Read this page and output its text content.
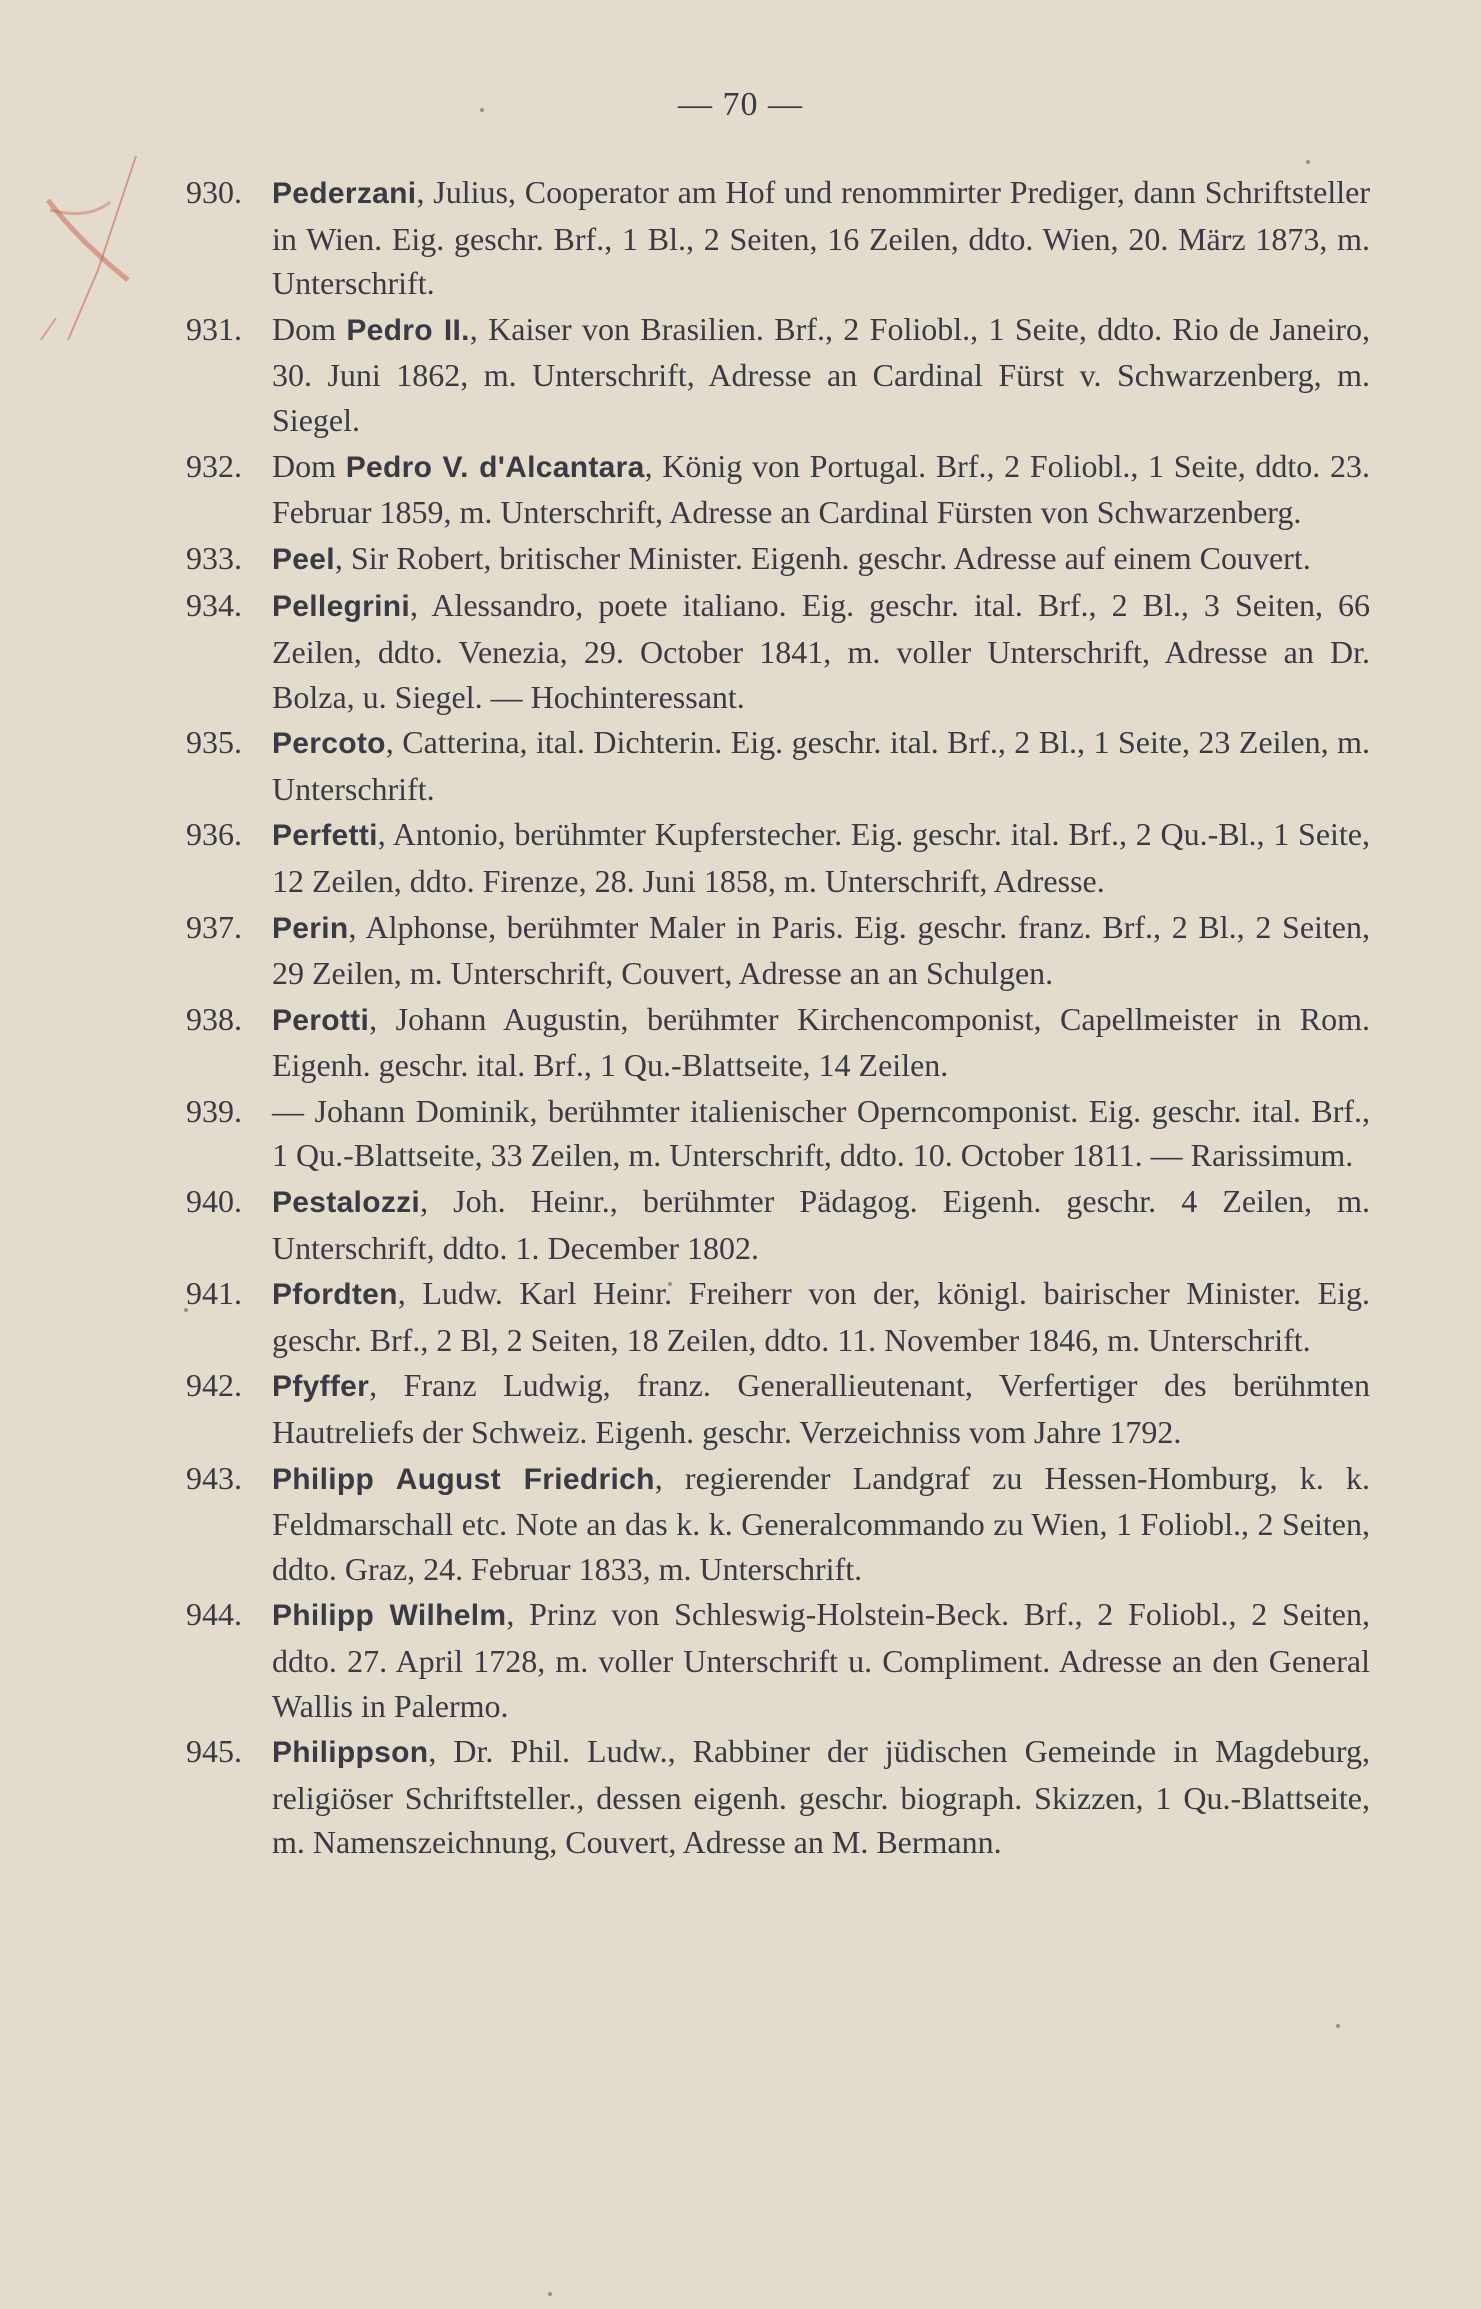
— 70 —
930.	Pederzani, Julius, Cooperator am Hof und renommirter Prediger, dann Schriftsteller in Wien. Eig. geschr. Brf., 1 Bl., 2 Seiten, 16 Zeilen, ddto. Wien, 20. März 1873, m. Unterschrift.
931. Dom Pedro II., Kaiser von Brasilien. Brf., 2 Foliobl., 1 Seite, ddto. Rio de Janeiro, 30. Juni 1862, m. Unterschrift, Adresse an Cardinal Fürst v. Schwarzenberg, m. Siegel.
932. Dom Pedro V. d'Alcantara, König von Portugal. Brf., 2 Foliobl., 1 Seite, ddto. 23. Februar 1859, m. Unterschrift, Adresse an Cardinal Fürsten von Schwarzenberg.
933.	Peel, Sir Robert, britischer Minister. Eigenh. geschr. Adresse auf einem Couvert.
934.	Pellegrini, Alessandro, poete italiano. Eig. geschr. ital. Brf., 2 Bl., 3 Seiten, 66 Zeilen, ddto. Venezia, 29. October 1841, m. voller Unterschrift, Adresse an Dr. Bolza, u. Siegel. — Hochinteressant.
935.	Percoto, Catterina, ital. Dichterin. Eig. geschr. ital. Brf., 2 Bl., 1 Seite, 23 Zeilen, m. Unterschrift.
936.	Perfetti, Antonio, berühmter Kupferstecher. Eig. geschr. ital. Brf., 2 Qu.-Bl., 1 Seite, 12 Zeilen, ddto. Firenze, 28. Juni 1858, m. Unterschrift, Adresse.
937.	Perin, Alphonse, berühmter Maler in Paris. Eig. geschr. franz. Brf., 2 Bl., 2 Seiten, 29 Zeilen, m. Unterschrift, Couvert, Adresse an an Schulgen.
938.	Perotti, Johann Augustin, berühmter Kirchencomponist, Capellmeister in Rom. Eigenh. geschr. ital. Brf., 1 Qu.-Blattseite, 14 Zeilen.
939. — Johann Dominik, berühmter italienischer Operncomponist. Eig. geschr. ital. Brf., 1 Qu.-Blattseite, 33 Zeilen, m. Unterschrift, ddto. 10. October 1811. — Rarissimum.
940.	Pestalozzi, Joh. Heinr., berühmter Pädagog. Eigenh. geschr. 4 Zeilen, m. Unterschrift, ddto. 1. December 1802.
941.	Pfordten, Ludw. Karl Heinr. Freiherr von der, königl. bairischer Minister. Eig. geschr. Brf., 2 Bl, 2 Seiten, 18 Zeilen, ddto. 11. November 1846, m. Unterschrift.
942.	Pfyffer, Franz Ludwig, franz. Generallieutenant, Verfertiger des berühmten Hautreliefs der Schweiz. Eigenh. geschr. Verzeichniss vom Jahre 1792.
943.	Philipp August Friedrich, regierender Landgraf zu Hessen-Homburg, k. k. Feldmarschall etc. Note an das k. k. Generalcommando zu Wien, 1 Foliobl., 2 Seiten, ddto. Graz, 24. Februar 1833, m. Unterschrift.
944.	Philipp Wilhelm, Prinz von Schleswig-Holstein-Beck. Brf., 2 Foliobl., 2 Seiten, ddto. 27. April 1728, m. voller Unterschrift u. Compliment. Adresse an den General Wallis in Palermo.
945.	Philippson, Dr. Phil. Ludw., Rabbiner der jüdischen Gemeinde in Magdeburg, religiöser Schriftsteller., dessen eigenh. geschr. biograph. Skizzen, 1 Qu.-Blattseite, m. Namenszeichnung, Couvert, Adresse an M. Bermann.
